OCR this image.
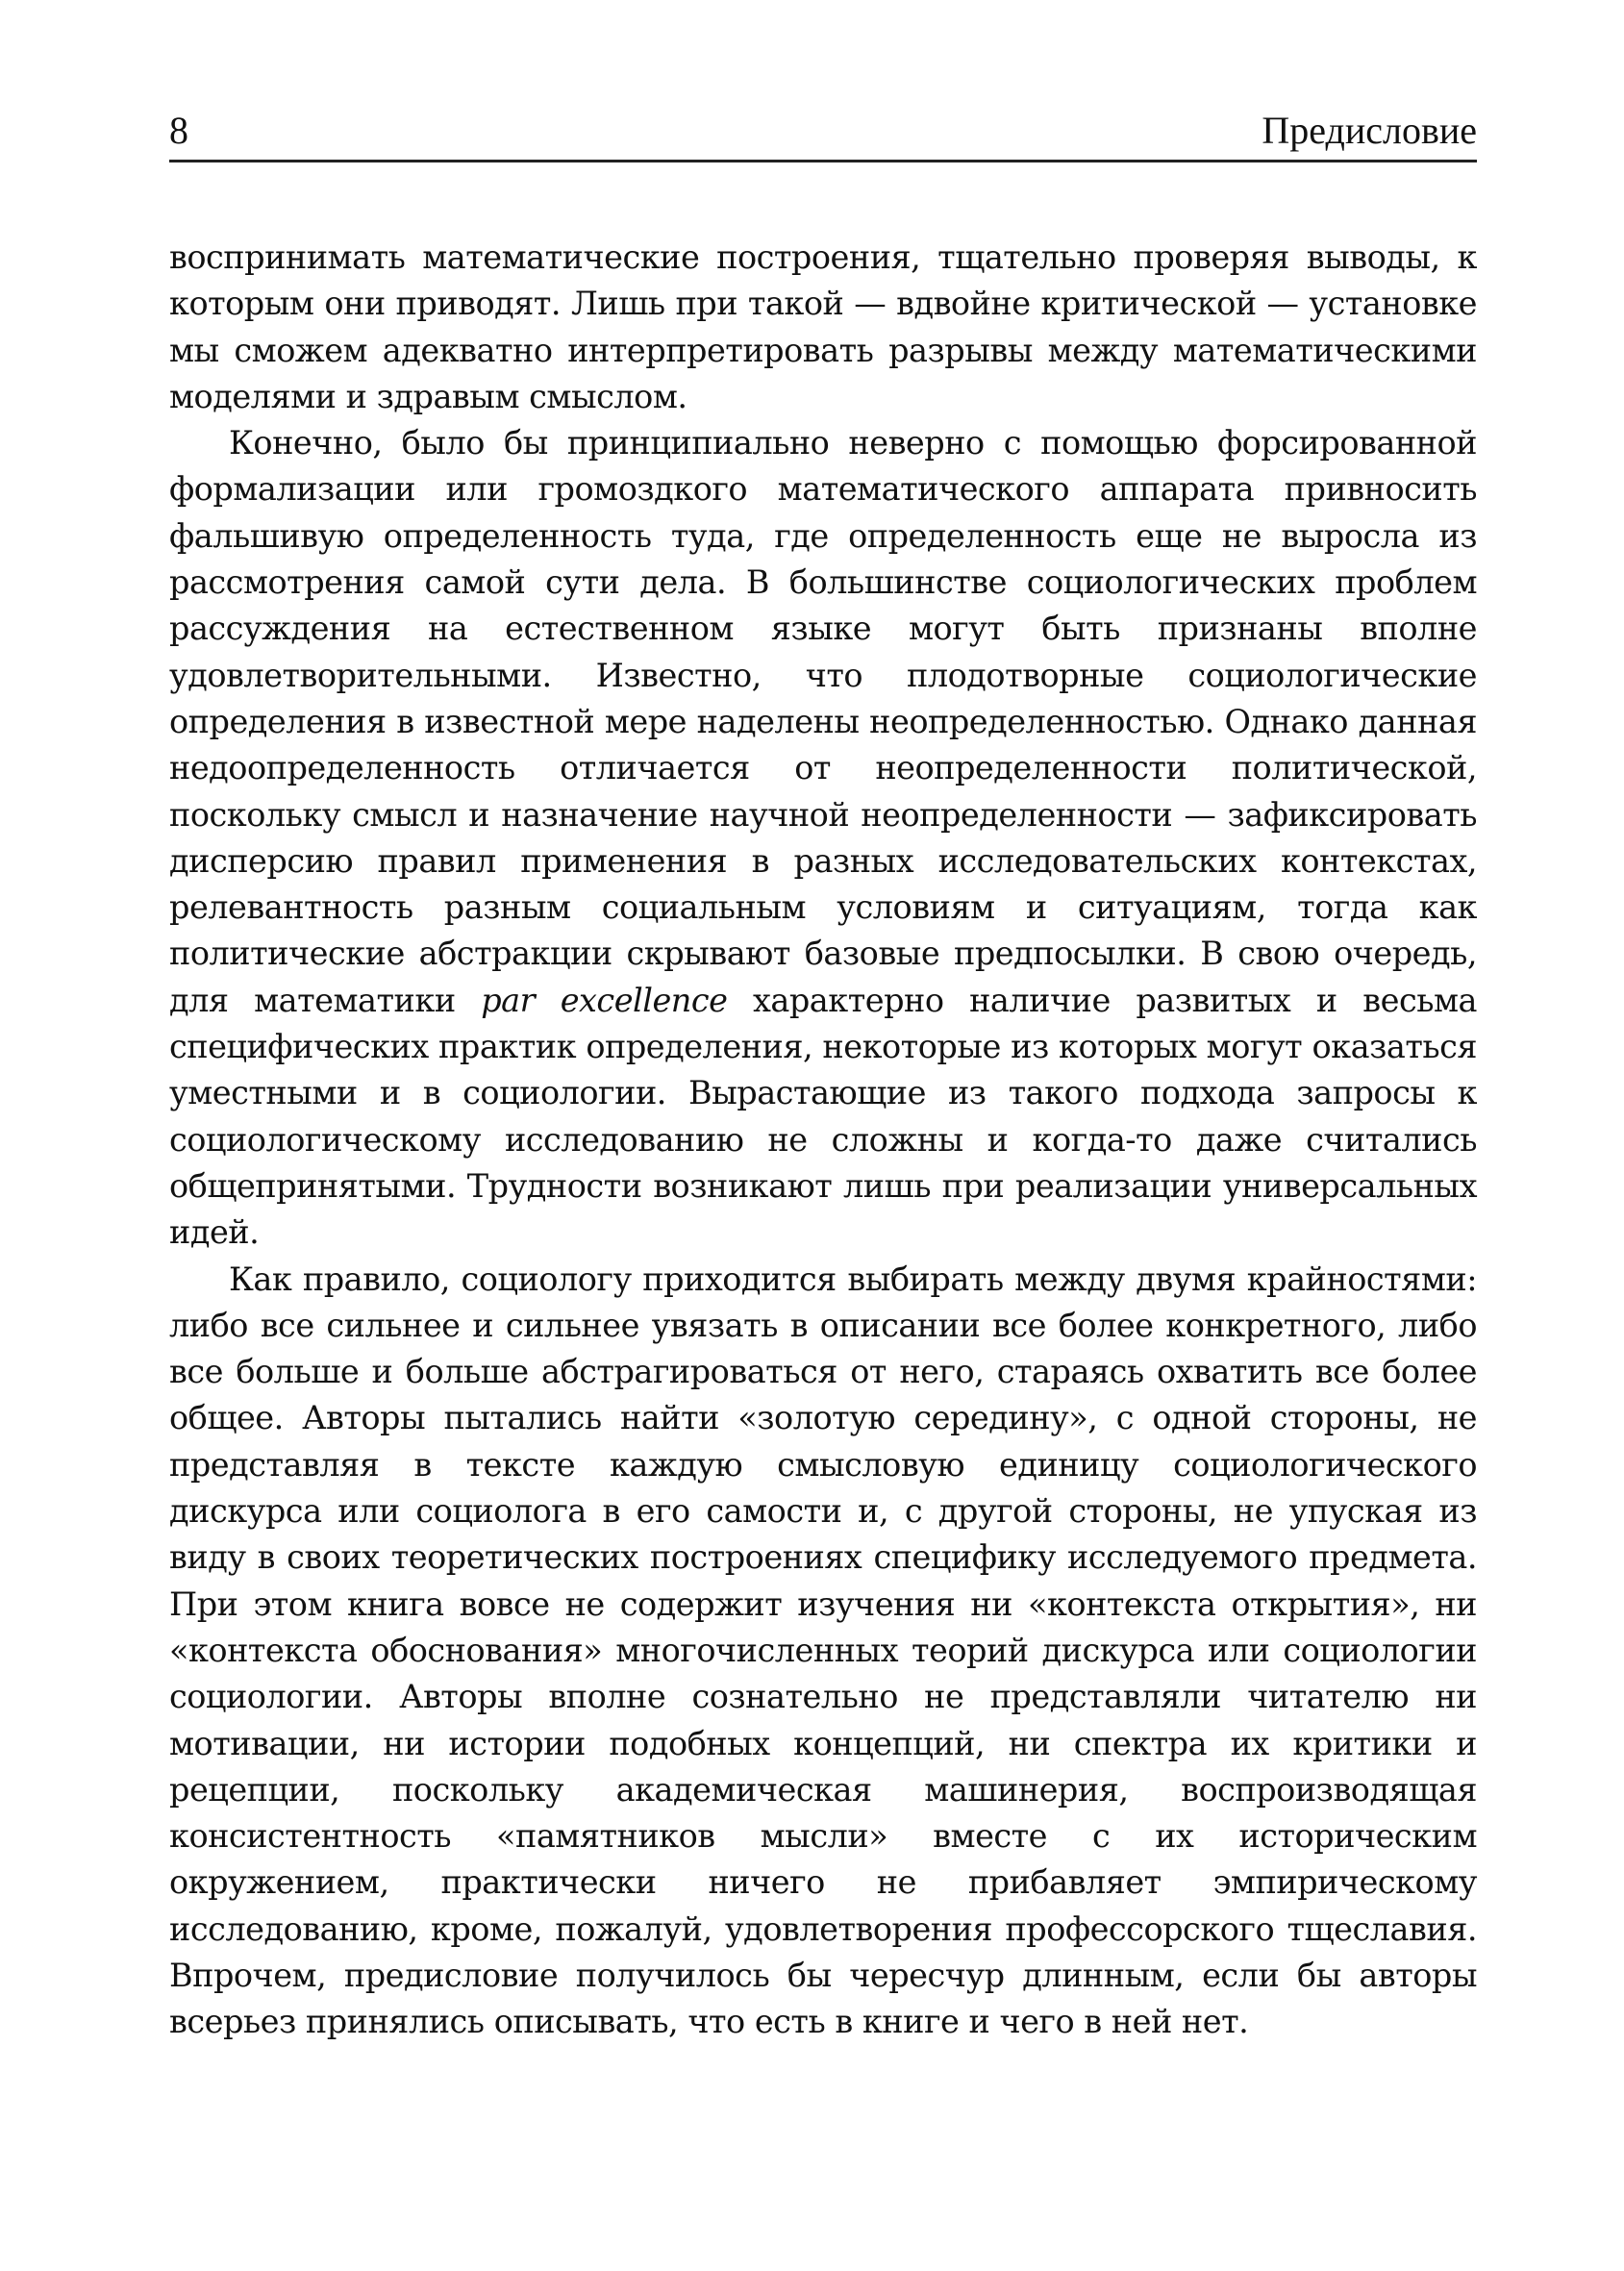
8	Предисловие

воспринимать математические построения, тщательно проверяя выводы, к которым они приводят. Лишь при такой — вдвойне критической — установке мы сможем адекватно интерпретировать разрывы между математическими моделями и здравым смыслом.

Конечно, было бы принципиально неверно с помощью форсированной формализации или громоздкого математического аппарата привносить фальшивую определенность туда, где определенность еще не выросла из рассмотрения самой сути дела. В большинстве социологических проблем рассуждения на естественном языке могут быть признаны вполне удовлетворительными. Известно, что плодотворные социологические определения в известной мере наделены неопределенностью. Однако данная недоопределенность отличается от неопределенности политической, поскольку смысл и назначение научной неопределенности — зафиксировать дисперсию правил применения в разных исследовательских контекстах, релевантность разным социальным условиям и ситуациям, тогда как политические абстракции скрывают базовые предпосылки. В свою очередь, для математики par excellence характерно наличие развитых и весьма специфических практик определения, некоторые из которых могут оказаться уместными и в социологии. Вырастающие из такого подхода запросы к социологическому исследованию не сложны и когда-то даже считались общепринятыми. Трудности возникают лишь при реализации универсальных идей.

Как правило, социологу приходится выбирать между двумя крайностями: либо все сильнее и сильнее увязать в описании все более конкретного, либо все больше и больше абстрагироваться от него, стараясь охватить все более общее. Авторы пытались найти «золотую середину», с одной стороны, не представляя в тексте каждую смысловую единицу социологического дискурса или социолога в его самости и, с другой стороны, не упуская из виду в своих теоретических построениях специфику исследуемого предмета. При этом книга вовсе не содержит изучения ни «контекста открытия», ни «контекста обоснования» многочисленных теорий дискурса или социологии социологии. Авторы вполне сознательно не представляли читателю ни мотивации, ни истории подобных концепций, ни спектра их критики и рецепции, поскольку академическая машинерия, воспроизводящая консистентность «памятников мысли» вместе с их историческим окружением, практически ничего не прибавляет эмпирическому исследованию, кроме, пожалуй, удовлетворения профессорского тщеславия. Впрочем, предисловие получилось бы чересчур длинным, если бы авторы всерьез принялись описывать, что есть в книге и чего в ней нет.
